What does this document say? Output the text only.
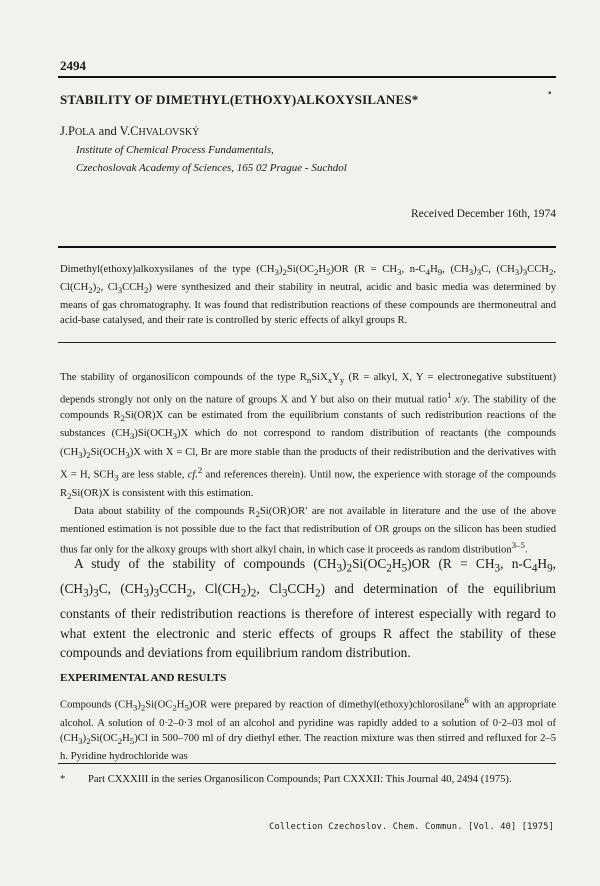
2494
STABILITY OF DIMETHYL(ETHOXY)ALKOXYSILANES*
J.POLA and V.CHVALOVSKÝ
Institute of Chemical Process Fundamentals,
Czechoslovak Academy of Sciences, 165 02 Prague - Suchdol
Received December 16th, 1974
Dimethyl(ethoxy)alkoxysilanes of the type $(CH_3)_2Si(OC_2H_5)OR$ ($R = CH_3$, $n-C_4H_9$, $(CH_3)_3C$, $(CH_3)_3CCH_2$, $Cl(CH_2)_2$, $Cl_3CCH_2$) were synthesized and their stability in neutral, acidic and basic media was determined by means of gas chromatography. It was found that redistribution reactions of these compounds are thermoneutral and acid-base catalysed, and their rate is controlled by steric effects of alkyl groups R.

The stability of organosilicon compounds of the type $R_nSiX_xY_y$ (R = alkyl, X, Y = electronegative substituent) depends strongly not only on the nature of groups X and Y but also on their mutual ratio$^1$ x/y. The stability of the compounds $R_2Si(OR)X$ can be estimated from the equilibrium constants of such redistribution reactions of the substances $(CH_3)Si(OCH_3)X$ which do not correspond to random distribution of reactants (the compounds $(CH_3)_2Si(OCH_3)X$ with X = Cl, Br are more stable than the products of their redistribution and the derivatives with X = H, $SCH_3$ are less stable, cf.$^2$ and references therein). Until now, the experience with storage of the compounds $R_2Si(OR)X$ is consistent with this estimation.

Data about stability of the compounds $R_2Si(OR)OR'$ are not available in literature and the use of the above mentioned estimation is not possible due to the fact that redistribution of OR groups on the silicon has been studied thus far only for the alkoxy groups with short alkyl chain, in which case it proceeds as random distribution$^{3-5}$.

A study of the stability of compounds $(CH_3)_2Si(OC_2H_5)OR$ ($R = CH_3$, $n-C_4H_9$, $(CH_3)_3C$, $(CH_3)_3CCH_2$, $Cl(CH_2)_2$, $Cl_3CCH_2$) and determination of the equilibrium constants of their redistribution reactions is therefore of interest especially with regard to what extent the electronic and steric effects of groups R affect the stability of these compounds and deviations from equilibrium random distribution.

EXPERIMENTAL AND RESULTS

Compounds $(CH_3)_2Si(OC_2H_5)OR$ were prepared by reaction of dimethyl(ethoxy)chlorosilane$^6$ with an appropriate alcohol. A solution of 0·2–0·3 mol of an alcohol and pyridine was rapidly added to a solution of 0·2–03 mol of $(CH_3)_2Si(OC_2H_5)Cl$ in 500–700 ml of dry diethyl ether. The reaction mixture was then stirred and refluxed for 2–5 h. Pyridine hydrochloride was

* Part CXXXIII in the series Organosilicon Compounds; Part CXXXII: This Journal 40, 2494 (1975).
Collection Czechoslov. Chem. Commun. [Vol. 40] [1975]
▪
